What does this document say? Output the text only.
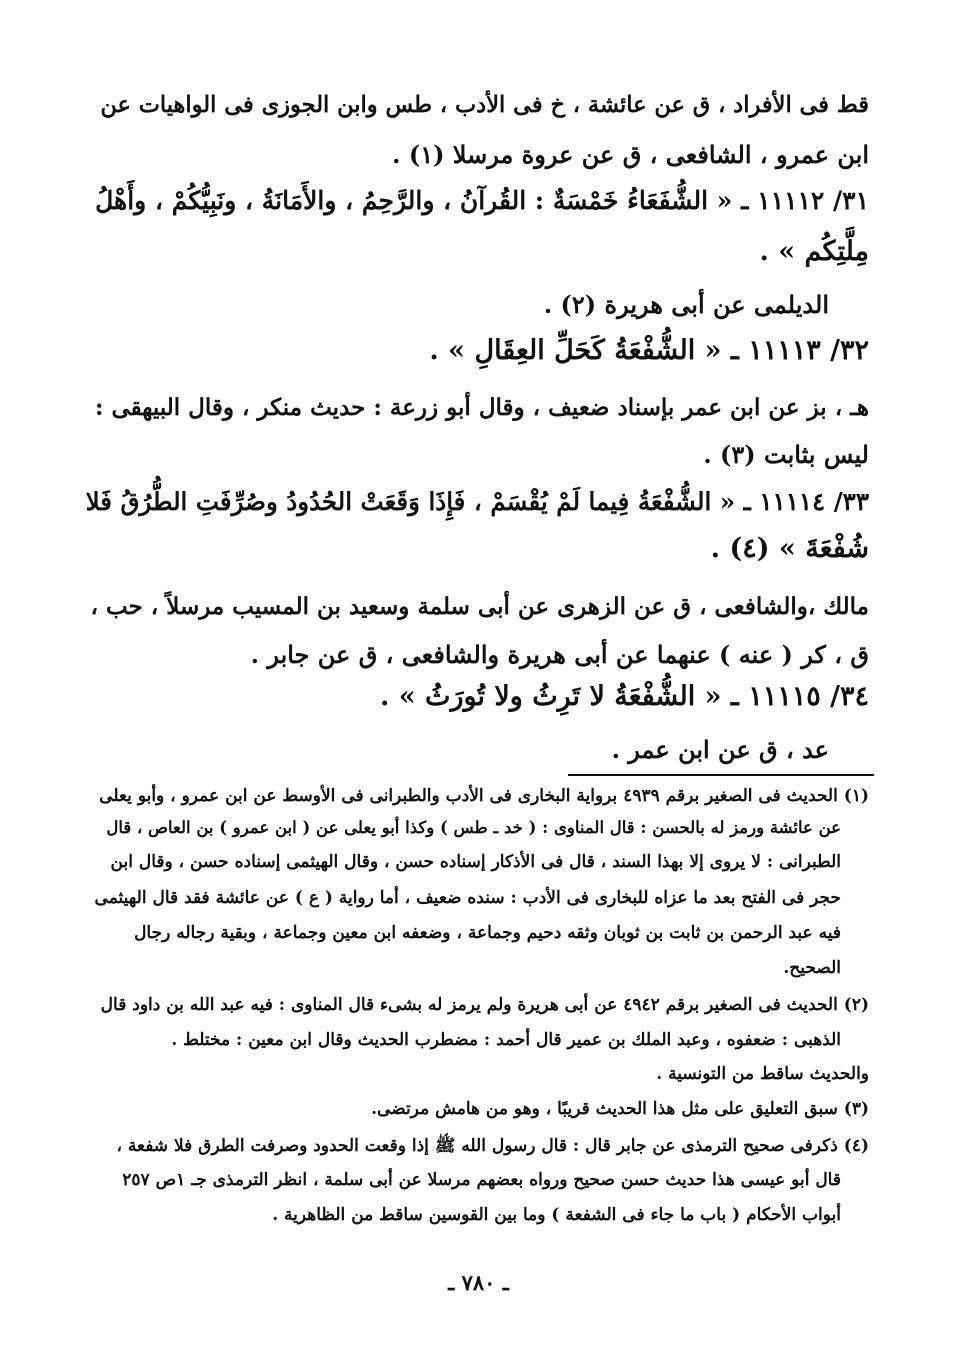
قط فى الأفراد ، ق عن عائشة ، خ فى الأدب ، طس وابن الجوزى فى الواهيات عن
ابن عمرو ، الشافعى ، ق عن عروة مرسلا (١) .
٣١/ ١١١١٢ ـ « الشُّفَعَاءُ خَمْسَةٌ : القُرآنُ ، والرَّحِمُ ، والأَمَانَةُ ، ونَبِيُّكُمْ ، وأَهْلُ
مِلَّتِكُم » .
الديلمى عن أبى هريرة (٢) .
٣٢/ ١١١١٣ ـ « الشُّفْعَةُ كَحَلِّ العِقَالِ » .
هـ ، بز عن ابن عمر بإسناد ضعيف ، وقال أبو زرعة : حديث منكر ، وقال البيهقى :
ليس بثابت (٣) .
٣٣/ ١١١١٤ ـ « الشُّفْعَةُ فِيما لَمْ يُقْسَمْ ، فَإِذَا وَقَعَتْ الحُدُودُ وصُرِّفَتِ الطُّرُقُ فَلا
شُفْعَةَ » (٤) .
مالك ،والشافعى ، ق عن الزهرى عن أبى سلمة وسعيد بن المسيب مرسلاً ، حب ،
ق ، كر ( عنه ) عنهما عن أبى هريرة والشافعى ، ق عن جابر .
٣٤/ ١١١١٥ ـ « الشُّفْعَةُ لا تَرِثُ ولا تُورَثُ » .
عد ، ق عن ابن عمر .
(١) الحديث فى الصغير برقم ٤٩٣٩ برواية البخارى فى الأدب والطبرانى فى الأوسط عن ابن عمرو ، وأبو يعلى
عن عائشة ورمز له بالحسن : قال المناوى : ( خد ـ طس ) وكذا أبو يعلى عن ( ابن عمرو ) بن العاص ، قال
الطبرانى : لا يروى إلا بهذا السند ، قال فى الأذكار إسناده حسن ، وقال الهيثمى إسناده حسن ، وقال ابن
حجر فى الفتح بعد ما عزاه للبخارى فى الأدب : سنده ضعيف ، أما رواية ( ع ) عن عائشة فقد قال الهيثمى
فيه عبد الرحمن بن ثابت بن ثوبان وثقه دحيم وجماعة ، وضعفه ابن معين وجماعة ، وبقية رجاله رجال
الصحيح.
(٢) الحديث فى الصغير برقم ٤٩٤٢ عن أبى هريرة ولم يرمز له بشىء قال المناوى : فيه عبد الله بن داود قال
الذهبى : ضعفوه ، وعبد الملك بن عمير قال أحمد : مضطرب الحديث وقال ابن معين : مختلط .
والحديث ساقط من التونسية .
(٣) سبق التعليق على مثل هذا الحديث قريبًا ، وهو من هامش مرتضى.
(٤) ذكرفى صحيح الترمذى عن جابر قال : قال رسول الله ﷺ إذا وقعت الحدود وصرفت الطرق فلا شفعة ،
قال أبو عيسى هذا حديث حسن صحيح ورواه بعضهم مرسلا عن أبى سلمة ، انظر الترمذى جـ ١ص ٢٥٧
أبواب الأحكام ( باب ما جاء فى الشفعة ) وما بين القوسين ساقط من الظاهرية .
ـ ٧٨٠ ـ
